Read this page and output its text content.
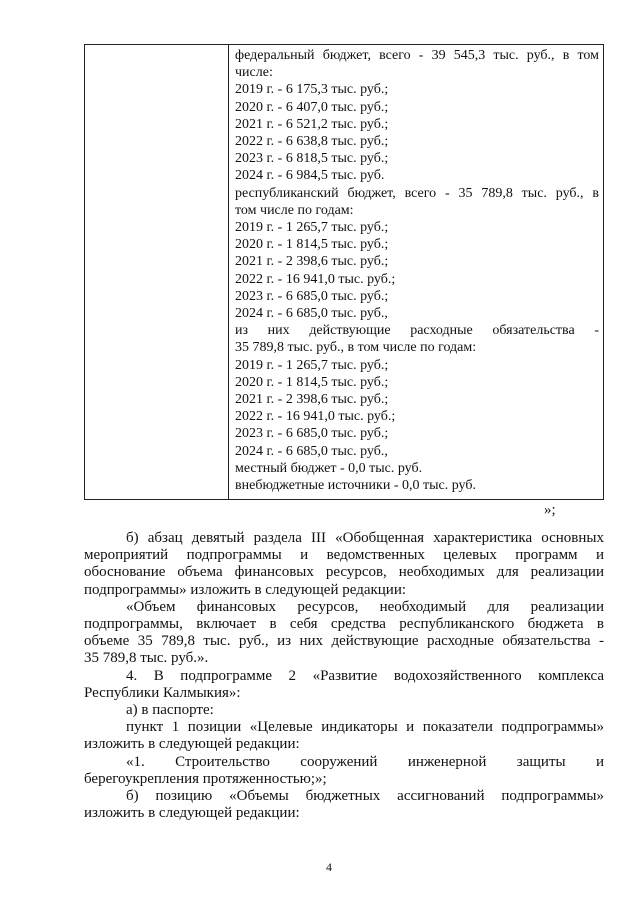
федеральный бюджет, всего - 39 545,3 тыс. руб., в том
числе:
2019 г. - 6 175,3 тыс. руб.;
2020 г. - 6 407,0 тыс. руб.;
2021 г. - 6 521,2 тыс. руб.;
2022 г. - 6 638,8 тыс. руб.;
2023 г. - 6 818,5 тыс. руб.;
2024 г. - 6 984,5 тыс. руб.
республиканский бюджет, всего - 35 789,8 тыс. руб., в
том числе по годам:
2019 г. - 1 265,7 тыс. руб.;
2020 г. - 1 814,5 тыс. руб.;
2021 г. - 2 398,6 тыс. руб.;
2022 г. - 16 941,0 тыс. руб.;
2023 г. - 6 685,0 тыс. руб.;
2024 г. - 6 685,0 тыс. руб.,
из них действующие расходные обязательства -
35 789,8 тыс. руб., в том числе по годам:
2019 г. - 1 265,7 тыс. руб.;
2020 г. - 1 814,5 тыс. руб.;
2021 г. - 2 398,6 тыс. руб.;
2022 г. - 16 941,0 тыс. руб.;
2023 г. - 6 685,0 тыс. руб.;
2024 г. - 6 685,0 тыс. руб.,
местный бюджет - 0,0 тыс. руб.
внебюджетные источники - 0,0 тыс. руб.
»;

б) абзац девятый раздела III «Обобщенная характеристика основных

мероприятий подпрограммы и ведомственных целевых программ и

обоснование объема финансовых ресурсов, необходимых для реализации

подпрограммы» изложить в следующей редакции:

«Объем финансовых ресурсов, необходимый для реализации

подпрограммы, включает в себя средства республиканского бюджета в

объеме 35 789,8 тыс. руб., из них действующие расходные обязательства -

35 789,8 тыс. руб.».

4. В подпрограмме 2 «Развитие водохозяйственного комплекса

Республики Калмыкия»:

а) в паспорте:

пункт 1 позиции «Целевые индикаторы и показатели подпрограммы»

изложить в следующей редакции:

«1. Строительство сооружений инженерной защиты и

берегоукрепления протяженностью;»;

б) позицию «Объемы бюджетных ассигнований подпрограммы»

изложить в следующей редакции:

4
